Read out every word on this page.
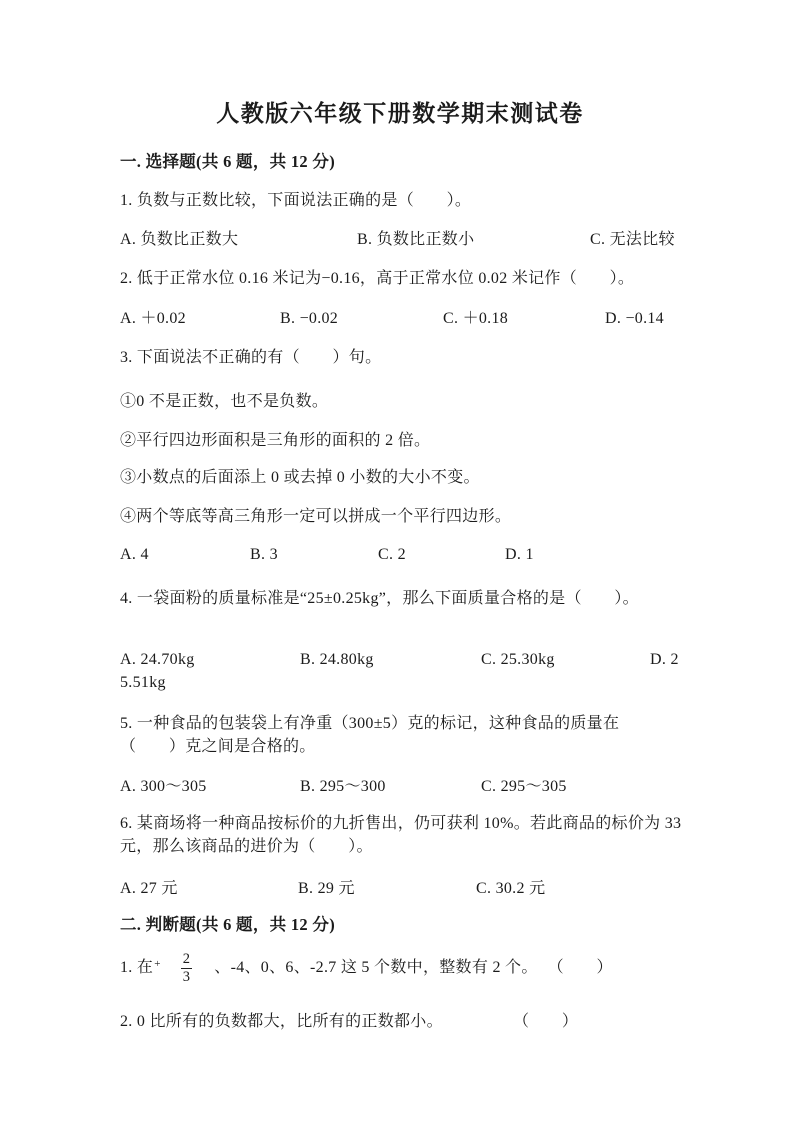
人教版六年级下册数学期末测试卷
一. 选择题(共 6 题，共 12 分)
1. 负数与正数比较，下面说法正确的是（　　）。
A. 负数比正数大	B. 负数比正数小	C. 无法比较
2. 低于正常水位 0.16 米记为−0.16，高于正常水位 0.02 米记作（　　）。
A. ＋0.02	B. −0.02	C. ＋0.18	D. −0.14
3. 下面说法不正确的有（　　）句。
①0 不是正数，也不是负数。
②平行四边形面积是三角形的面积的 2 倍。
③小数点的后面添上 0 或去掉 0 小数的大小不变。
④两个等底等高三角形一定可以拼成一个平行四边形。
A. 4	B. 3	C. 2	D. 1
4. 一袋面粉的质量标准是“25±0.25kg”，那么下面质量合格的是（　　）。
A. 24.70kg	B. 24.80kg	C. 25.30kg	D. 2
5.51kg
5. 一种食品的包装袋上有净重（300±5）克的标记，这种食品的质量在
（　　）克之间是合格的。
A. 300～305	B. 295～300	C. 295～305
6. 某商场将一种商品按标价的九折售出，仍可获利 10%。若此商品的标价为 33
元，那么该商品的进价为（　　）。
A. 27 元	B. 29 元	C. 30.2 元
二. 判断题(共 6 题，共 12 分)
1. 在 + $\frac{2}{3}$ 、-4、0、6、-2.7 这 5 个数中，整数有 2 个。 （　　）
2. 0 比所有的负数都大，比所有的正数都小。	（　　）
